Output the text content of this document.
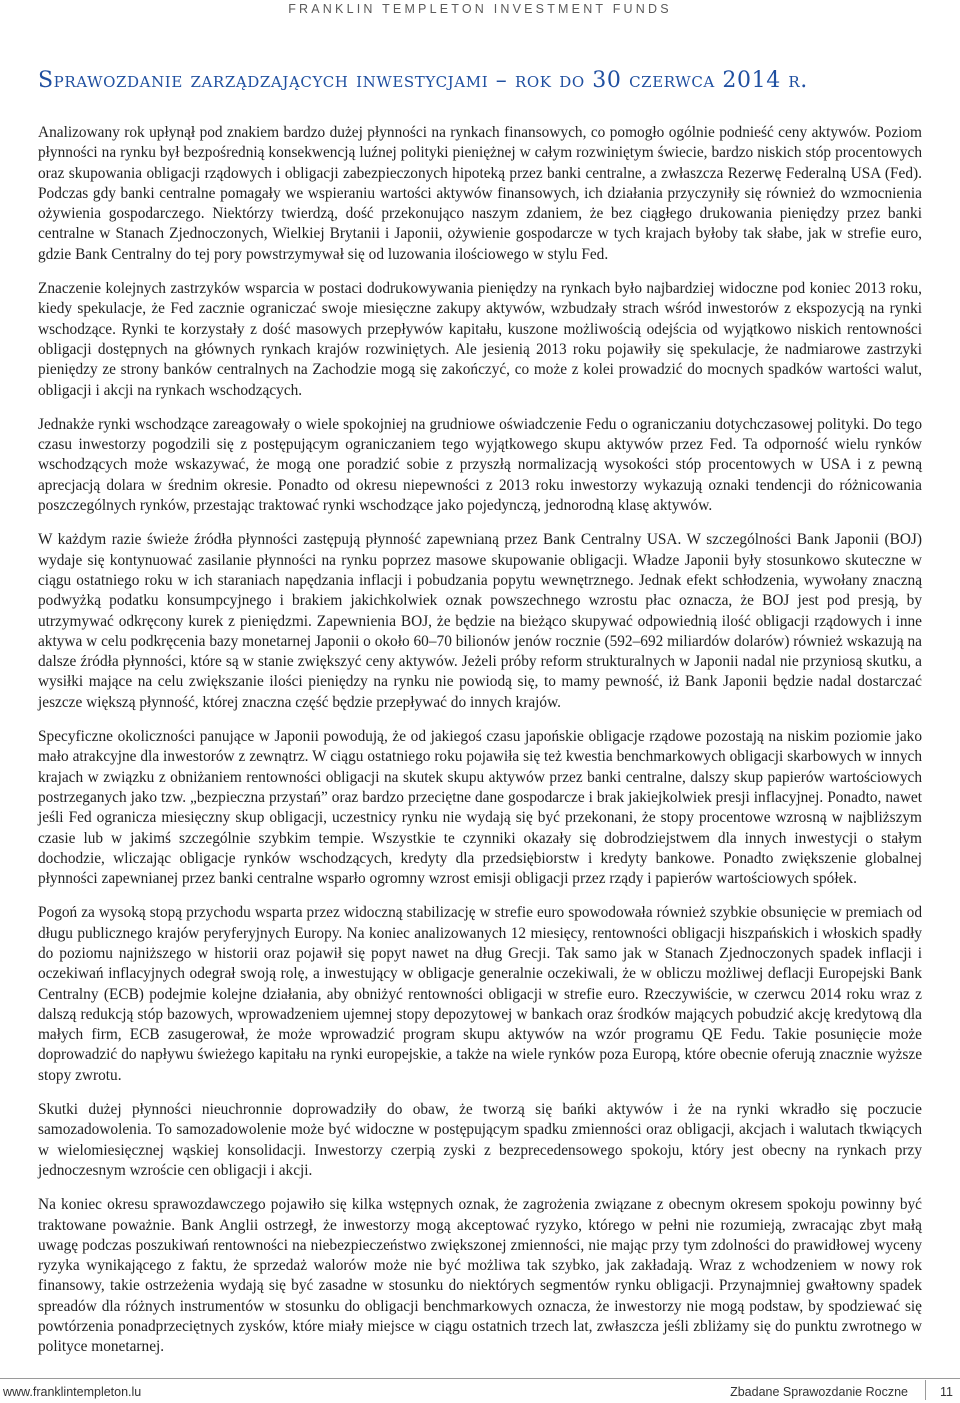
FRANKLIN TEMPLETON INVESTMENT FUNDS
Sprawozdanie zarządzających inwestycjami – rok do 30 czerwca 2014 r.

Analizowany rok upłynął pod znakiem bardzo dużej płynności na rynkach finansowych, co pomogło ogólnie podnieść ceny aktywów. Poziom płynności na rynku był bezpośrednią konsekwencją luźnej polityki pieniężnej w całym rozwiniętym świecie, bardzo niskich stóp procentowych oraz skupowania obligacji rządowych i obligacji zabezpieczonych hipoteką przez banki centralne, a zwłaszcza Rezerwę Federalną USA (Fed). Podczas gdy banki centralne pomagały we wspieraniu wartości aktywów finansowych, ich działania przyczyniły się również do wzmocnienia ożywienia gospodarczego. Niektórzy twierdzą, dość przekonująco naszym zdaniem, że bez ciągłego drukowania pieniędzy przez banki centralne w Stanach Zjednoczonych, Wielkiej Brytanii i Japonii, ożywienie gospodarcze w tych krajach byłoby tak słabe, jak w strefie euro, gdzie Bank Centralny do tej pory powstrzymywał się od luzowania ilościowego w stylu Fed.

Znaczenie kolejnych zastrzyków wsparcia w postaci dodrukowywania pieniędzy na rynkach było najbardziej widoczne pod koniec 2013 roku, kiedy spekulacje, że Fed zacznie ograniczać swoje miesięczne zakupy aktywów, wzbudzały strach wśród inwestorów z ekspozycją na rynki wschodzące. Rynki te korzystały z dość masowych przepływów kapitału, kuszone możliwością odejścia od wyjątkowo niskich rentowności obligacji dostępnych na głównych rynkach krajów rozwiniętych. Ale jesienią 2013 roku pojawiły się spekulacje, że nadmiarowe zastrzyki pieniędzy ze strony banków centralnych na Zachodzie mogą się zakończyć, co może z kolei prowadzić do mocnych spadków wartości walut, obligacji i akcji na rynkach wschodzących.

Jednakże rynki wschodzące zareagowały o wiele spokojniej na grudniowe oświadczenie Fedu o ograniczaniu dotychczasowej polityki. Do tego czasu inwestorzy pogodzili się z postępującym ograniczaniem tego wyjątkowego skupu aktywów przez Fed. Ta odporność wielu rynków wschodzących może wskazywać, że mogą one poradzić sobie z przyszłą normalizacją wysokości stóp procentowych w USA i z pewną aprecjacją dolara w średnim okresie. Ponadto od okresu niepewności z 2013 roku inwestorzy wykazują oznaki tendencji do różnicowania poszczególnych rynków, przestając traktować rynki wschodzące jako pojedynczą, jednorodną klasę aktywów.

W każdym razie świeże źródła płynności zastępują płynność zapewnianą przez Bank Centralny USA. W szczególności Bank Japonii (BOJ) wydaje się kontynuować zasilanie płynności na rynku poprzez masowe skupowanie obligacji. Władze Japonii były stosunkowo skuteczne w ciągu ostatniego roku w ich staraniach napędzania inflacji i pobudzania popytu wewnętrznego. Jednak efekt schłodzenia, wywołany znaczną podwyżką podatku konsumpcyjnego i brakiem jakichkolwiek oznak powszechnego wzrostu płac oznacza, że BOJ jest pod presją, by utrzymywać odkręcony kurek z pieniędzmi. Zapewnienia BOJ, że będzie na bieżąco skupywać odpowiednią ilość obligacji rządowych i inne aktywa w celu podkręcenia bazy monetarnej Japonii o około 60–70 bilionów jenów rocznie (592–692 miliardów dolarów) również wskazują na dalsze źródła płynności, które są w stanie zwiększyć ceny aktywów. Jeżeli próby reform strukturalnych w Japonii nadal nie przyniosą skutku, a wysiłki mające na celu zwiększanie ilości pieniędzy na rynku nie powiodą się, to mamy pewność, iż Bank Japonii będzie nadal dostarczać jeszcze większą płynność, której znaczna część będzie przepływać do innych krajów.

Specyficzne okoliczności panujące w Japonii powodują, że od jakiegoś czasu japońskie obligacje rządowe pozostają na niskim poziomie jako mało atrakcyjne dla inwestorów z zewnątrz. W ciągu ostatniego roku pojawiła się też kwestia benchmarkowych obligacji skarbowych w innych krajach w związku z obniżaniem rentowności obligacji na skutek skupu aktywów przez banki centralne, dalszy skup papierów wartościowych postrzeganych jako tzw. „bezpieczna przystań” oraz bardzo przeciętne dane gospodarcze i brak jakiejkolwiek presji inflacyjnej. Ponadto, nawet jeśli Fed ogranicza miesięczny skup obligacji, uczestnicy rynku nie wydają się być przekonani, że stopy procentowe wzrosną w najbliższym czasie lub w jakimś szczególnie szybkim tempie. Wszystkie te czynniki okazały się dobrodziejstwem dla innych inwestycji o stałym dochodzie, wliczając obligacje rynków wschodzących, kredyty dla przedsiębiorstw i kredyty bankowe. Ponadto zwiększenie globalnej płynności zapewnianej przez banki centralne wsparło ogromny wzrost emisji obligacji przez rządy i papierów wartościowych spółek.

Pogoń za wysoką stopą przychodu wsparta przez widoczną stabilizację w strefie euro spowodowała również szybkie obsunięcie w premiach od długu publicznego krajów peryferyjnych Europy. Na koniec analizowanych 12 miesięcy, rentowności obligacji hiszpańskich i włoskich spadły do poziomu najniższego w historii oraz pojawił się popyt nawet na dług Grecji. Tak samo jak w Stanach Zjednoczonych spadek inflacji i oczekiwań inflacyjnych odegrał swoją rolę, a inwestujący w obligacje generalnie oczekiwali, że w obliczu możliwej deflacji Europejski Bank Centralny (ECB) podejmie kolejne działania, aby obniżyć rentowności obligacji w strefie euro. Rzeczywiście, w czerwcu 2014 roku wraz z dalszą redukcją stóp bazowych, wprowadzeniem ujemnej stopy depozytowej w bankach oraz środków mających pobudzić akcję kredytową dla małych firm, ECB zasugerował, że może wprowadzić program skupu aktywów na wzór programu QE Fedu. Takie posunięcie może doprowadzić do napływu świeżego kapitału na rynki europejskie, a także na wiele rynków poza Europą, które obecnie oferują znacznie wyższe stopy zwrotu.

Skutki dużej płynności nieuchronnie doprowadziły do obaw, że tworzą się bańki aktywów i że na rynki wkradło się poczucie samozadowolenia. To samozadowolenie może być widoczne w postępującym spadku zmienności oraz obligacji, akcjach i walutach tkwiących w wielomiesięcznej wąskiej konsolidacji. Inwestorzy czerpią zyski z bezprecedensowego spokoju, który jest obecny na rynkach przy jednoczesnym wzroście cen obligacji i akcji.

Na koniec okresu sprawozdawczego pojawiło się kilka wstępnych oznak, że zagrożenia związane z obecnym okresem spokoju powinny być traktowane poważnie. Bank Anglii ostrzegł, że inwestorzy mogą akceptować ryzyko, którego w pełni nie rozumieją, zwracając zbyt małą uwagę podczas poszukiwań rentowności na niebezpieczeństwo zwiększonej zmienności, nie mając przy tym zdolności do prawidłowej wyceny ryzyka wynikającego z faktu, że sprzedaż walorów może nie być możliwa tak szybko, jak zakładają. Wraz z wchodzeniem w nowy rok finansowy, takie ostrzeżenia wydają się być zasadne w stosunku do niektórych segmentów rynku obligacji. Przynajmniej gwałtowny spadek spreadów dla różnych instrumentów w stosunku do obligacji benchmarkowych oznacza, że inwestorzy nie mogą podstaw, by spodziewać się powtórzenia ponadprzeciętnych zysków, które miały miejsce w ciągu ostatnich trzech lat, zwłaszcza jeśli zbliżamy się do punktu zwrotnego w polityce monetarnej.

www.franklintempleton.lu	Zbadane Sprawozdanie Roczne	11
